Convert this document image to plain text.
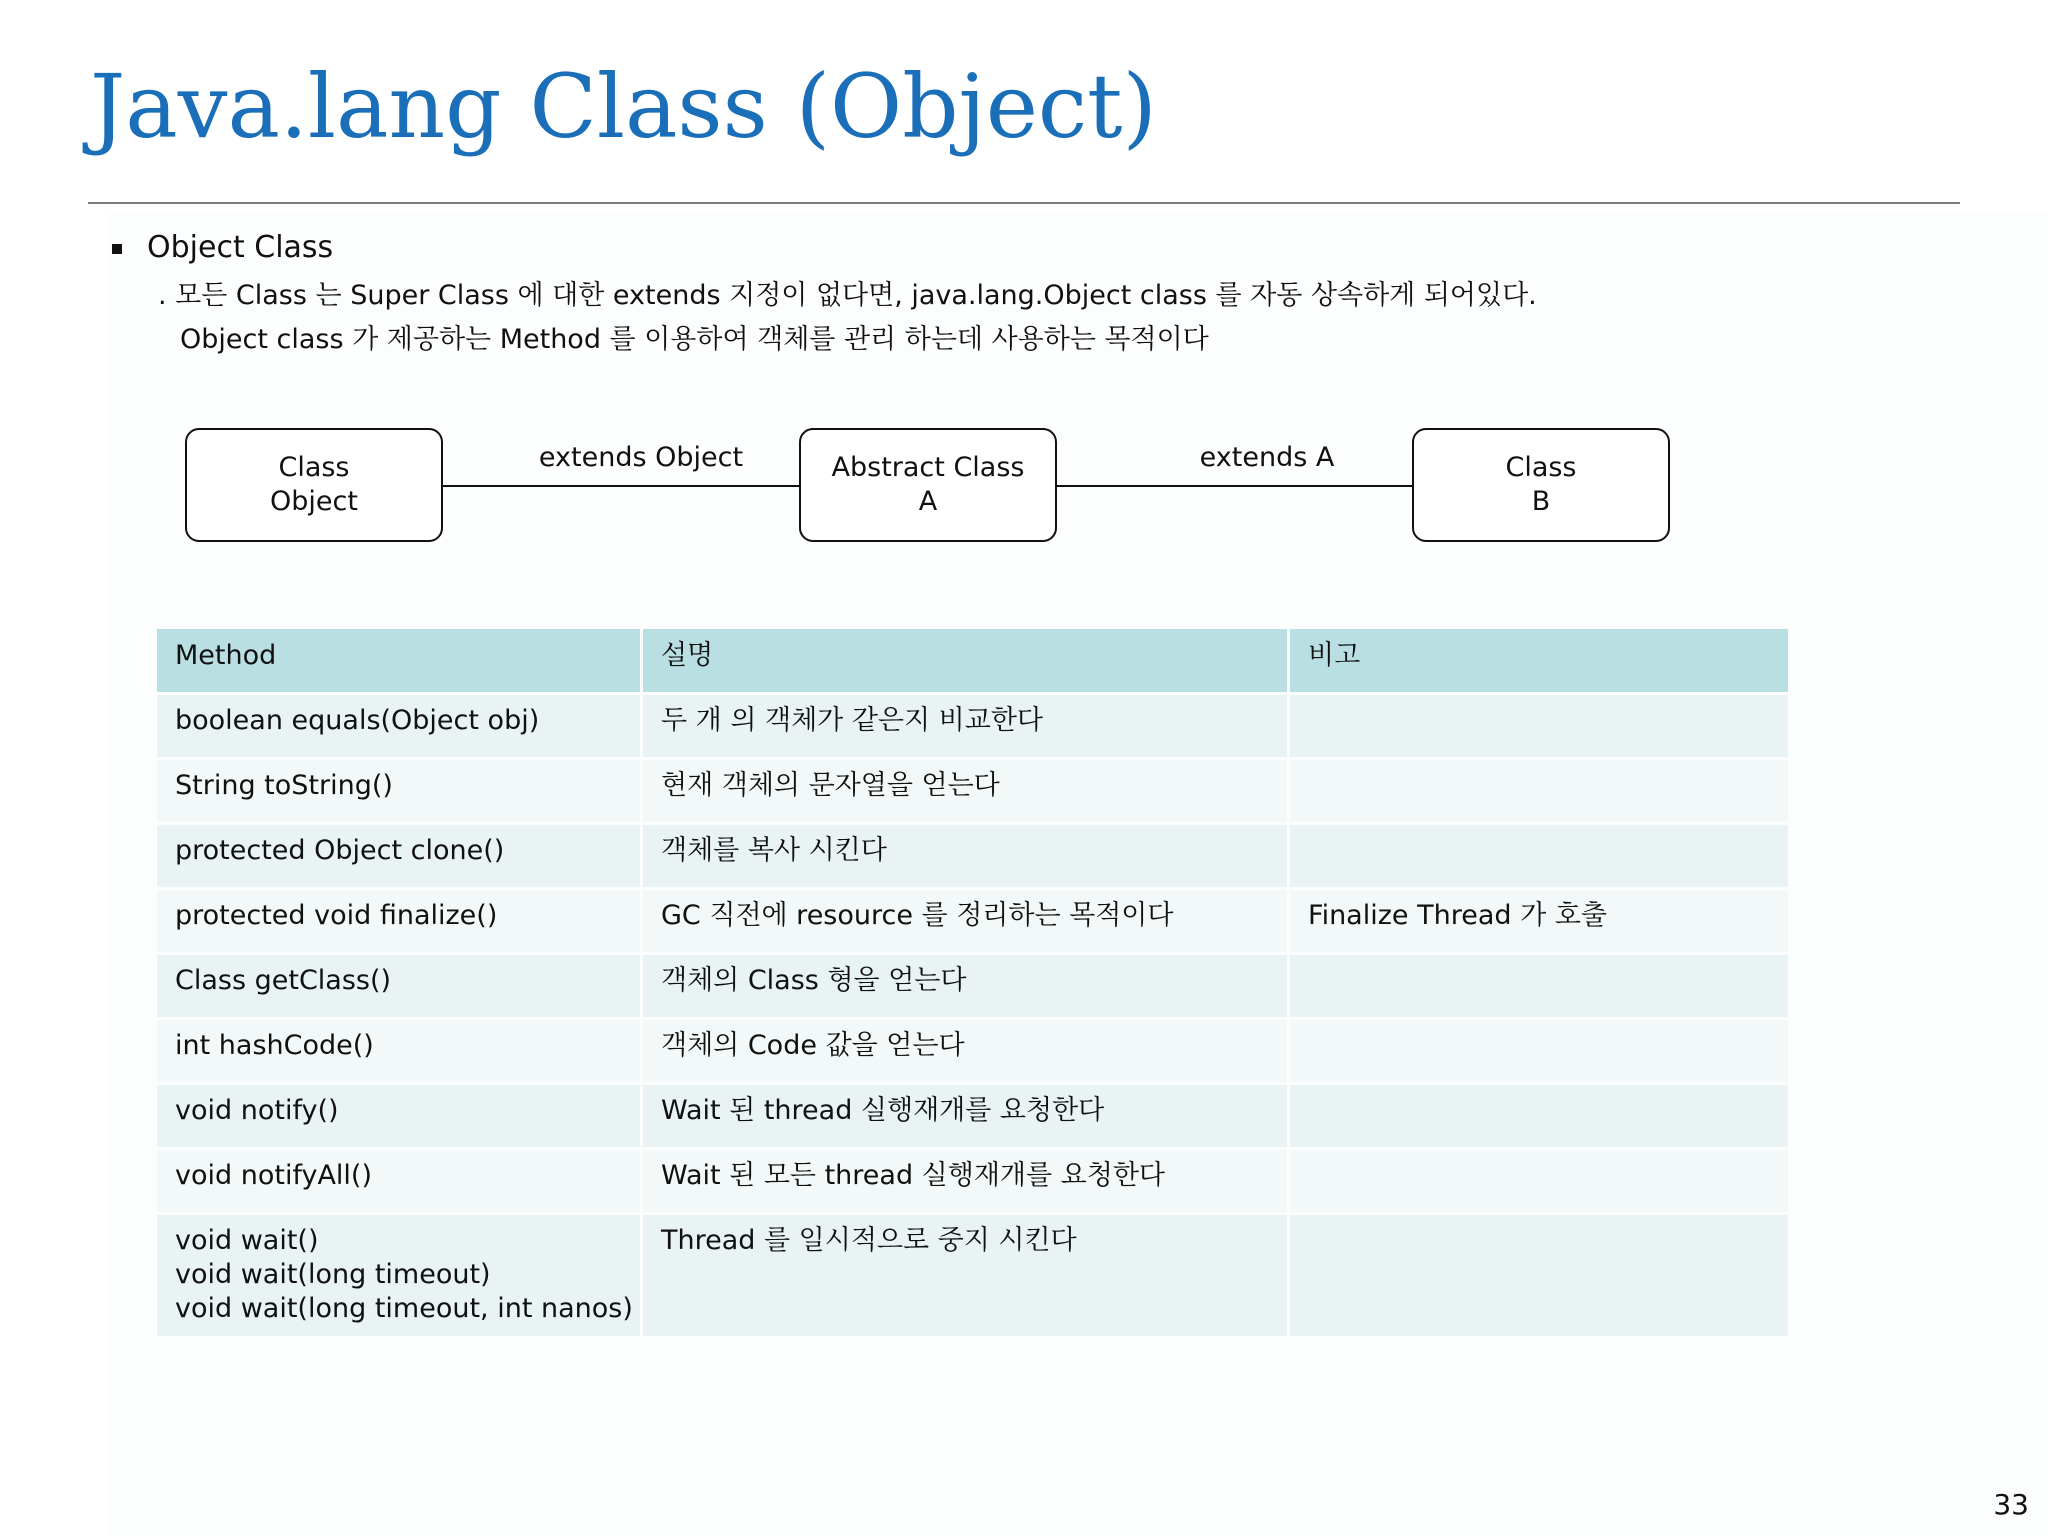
Java.lang Class (Object)
Object Class
. 모든 Class 는 Super Class 에 대한 extends 지정이 없다면, java.lang.Object class 를 자동 상속하게 되어있다.
Object class 가 제공하는 Method 를 이용하여 객체를 관리 하는데 사용하는 목적이다
extends Object	extends A
Class
Object
Abstract Class
A
Class
B
Method	설명	비고
boolean equals(Object obj)	두 개 의 객체가 같은지 비교한다	
String toString()	현재 객체의 문자열을 얻는다	
protected Object clone()	객체를 복사 시킨다	
protected void finalize()	GC 직전에 resource 를 정리하는 목적이다	Finalize Thread 가 호출
Class getClass()	객체의 Class 형을 얻는다	
int hashCode()	객체의 Code 값을 얻는다	
void notify()	Wait 된 thread 실행재개를 요청한다	
void notifyAll()	Wait 된 모든 thread 실행재개를 요청한다	

void wait()
void wait(long timeout)
void wait(long timeout, int nanos)	Thread 를 일시적으로 중지 시킨다	
33
